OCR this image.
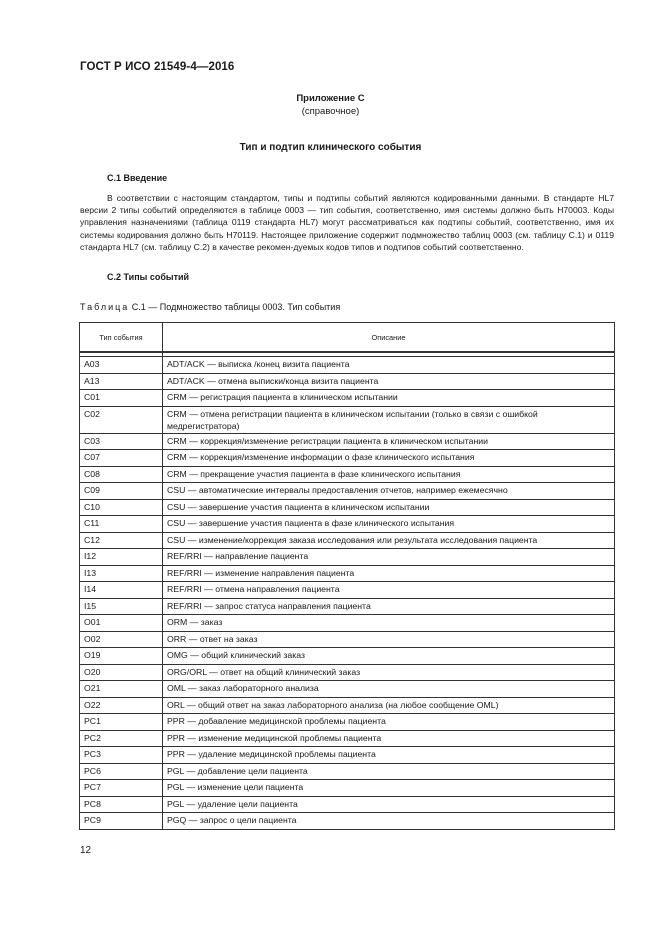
ГОСТ Р ИСО 21549-4—2016
Приложение С
(справочное)
Тип и подтип клинического события
С.1 Введение

В соответствии с настоящим стандартом, типы и подтипы событий являются кодированными данными. В стандарте HL7 версии 2 типы событий определяются в таблице 0003 — тип события, соответственно, имя системы должно быть H70003. Коды управления назначениями (таблица 0119 стандарта HL7) могут рассматриваться как подтипы событий, соответственно, имя их системы кодирования должно быть H70119. Настоящее приложение содержит подмножество таблиц 0003 (см. таблицу С.1) и 0119 стандарта HL7 (см. таблицу С.2) в качестве рекомен-дуемых кодов типов и подтипов событий соответственно.

С.2 Типы событий
Таблица С.1 — Подмножество таблицы 0003. Тип события
Тип события	Описание

A03	ADT/ACK — выписка /конец визита пациента
A13	ADT/ACK — отмена выписки/конца визита пациента
C01	CRM — регистрация пациента в клиническом испытании
C02	CRM — отмена регистрации пациента в клиническом испытании (только в связи с ошибкой медрегистратора)
C03	CRM — коррекция/изменение регистрации пациента в клиническом испытании
C07	CRM — коррекция/изменение информации о фазе клинического испытания
C08	CRM — прекращение участия пациента в фазе клинического испытания
C09	CSU — автоматические интервалы предоставления отчетов, например ежемесячно
C10	CSU — завершение участия пациента в клиническом испытании
C11	CSU — завершение участия пациента в фазе клинического испытания
C12	CSU — изменение/коррекция заказа исследования или результата исследования пациента
I12	REF/RRI — направление пациента
I13	REF/RRI — изменение направления пациента
I14	REF/RRI — отмена направления пациента
I15	REF/RRI — запрос статуса направления пациента
O01	ORM — заказ
O02	ORR — ответ на заказ
O19	OMG — общий клинический заказ
O20	ORG/ORL — ответ на общий клинический заказ
O21	OML — заказ лабораторного анализа
O22	ORL — общий ответ на заказ лабораторного анализа (на любое сообщение OML)
PC1	PPR — добавление медицинской проблемы пациента
PC2	PPR — изменение медицинской проблемы пациента
PC3	PPR — удаление медицинской проблемы пациента
PC6	PGL — добавление цели пациента
PC7	PGL — изменение цели пациента
PC8	PGL — удаление цели пациента
PC9	PGQ — запрос о цели пациента
12
